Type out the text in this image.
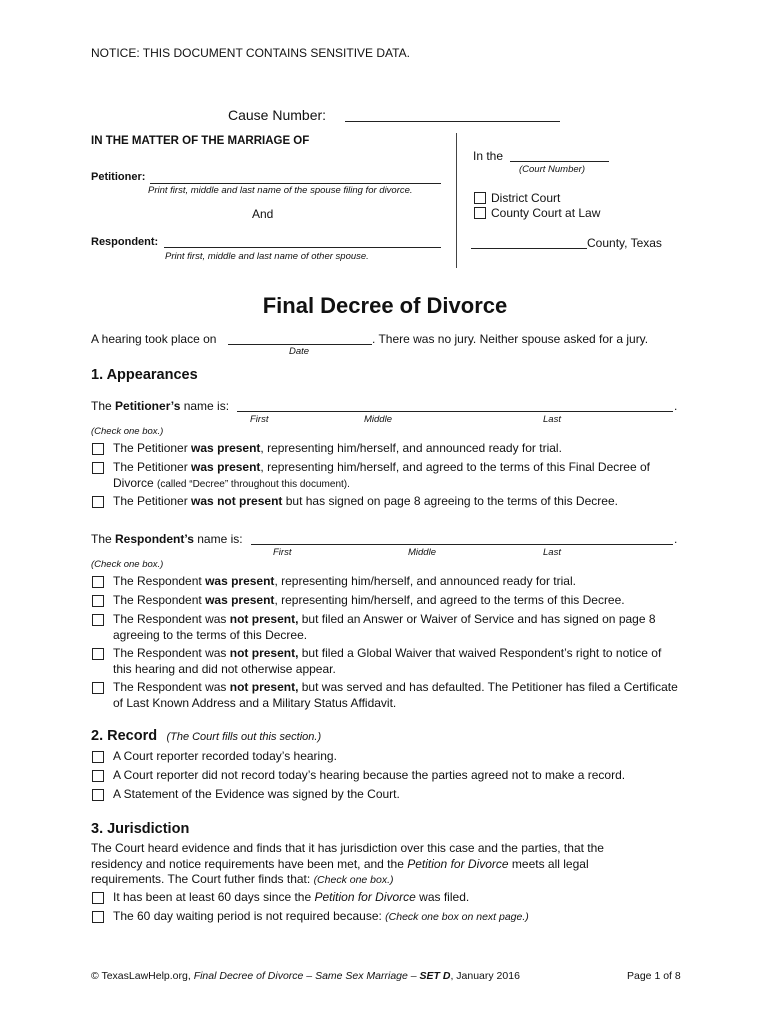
NOTICE: THIS DOCUMENT CONTAINS SENSITIVE DATA.
Cause Number:
IN THE MATTER OF THE MARRIAGE OF
Petitioner:
Print first, middle and last name of the spouse filing for divorce.
And
Respondent:
Print first, middle and last name of other spouse.
In the
(Court Number)
District Court
County Court at Law
County, Texas
Final Decree of Divorce
A hearing took place on	. There was no jury. Neither spouse asked for a jury.
Date
1. Appearances
The Petitioner’s name is:	.
First	Middle	Last
(Check one box.)
The Petitioner was present, representing him/herself, and announced ready for trial.
The Petitioner was present, representing him/herself, and agreed to the terms of this Final Decree of Divorce (called “Decree” throughout this document).
The Petitioner was not present but has signed on page 8 agreeing to the terms of this Decree.
The Respondent’s name is:	.
First	Middle	Last
(Check one box.)
The Respondent was present, representing him/herself, and announced ready for trial.
The Respondent was present, representing him/herself, and agreed to the terms of this Decree.
The Respondent was not present, but filed an Answer or Waiver of Service and has signed on page 8 agreeing to the terms of this Decree.
The Respondent was not present, but filed a Global Waiver that waived Respondent’s right to notice of this hearing and did not otherwise appear.
The Respondent was not present, but was served and has defaulted. The Petitioner has filed a Certificate of Last Known Address and a Military Status Affidavit.
2. Record (The Court fills out this section.)
A Court reporter recorded today’s hearing.
A Court reporter did not record today’s hearing because the parties agreed not to make a record.
A Statement of the Evidence was signed by the Court.
3. Jurisdiction
The Court heard evidence and finds that it has jurisdiction over this case and the parties, that the residency and notice requirements have been met, and the Petition for Divorce meets all legal requirements. The Court futher finds that: (Check one box.)
It has been at least 60 days since the Petition for Divorce was filed.
The 60 day waiting period is not required because: (Check one box on next page.)
© TexasLawHelp.org, Final Decree of Divorce – Same Sex Marriage – SET D, January 2016	Page 1 of 8
